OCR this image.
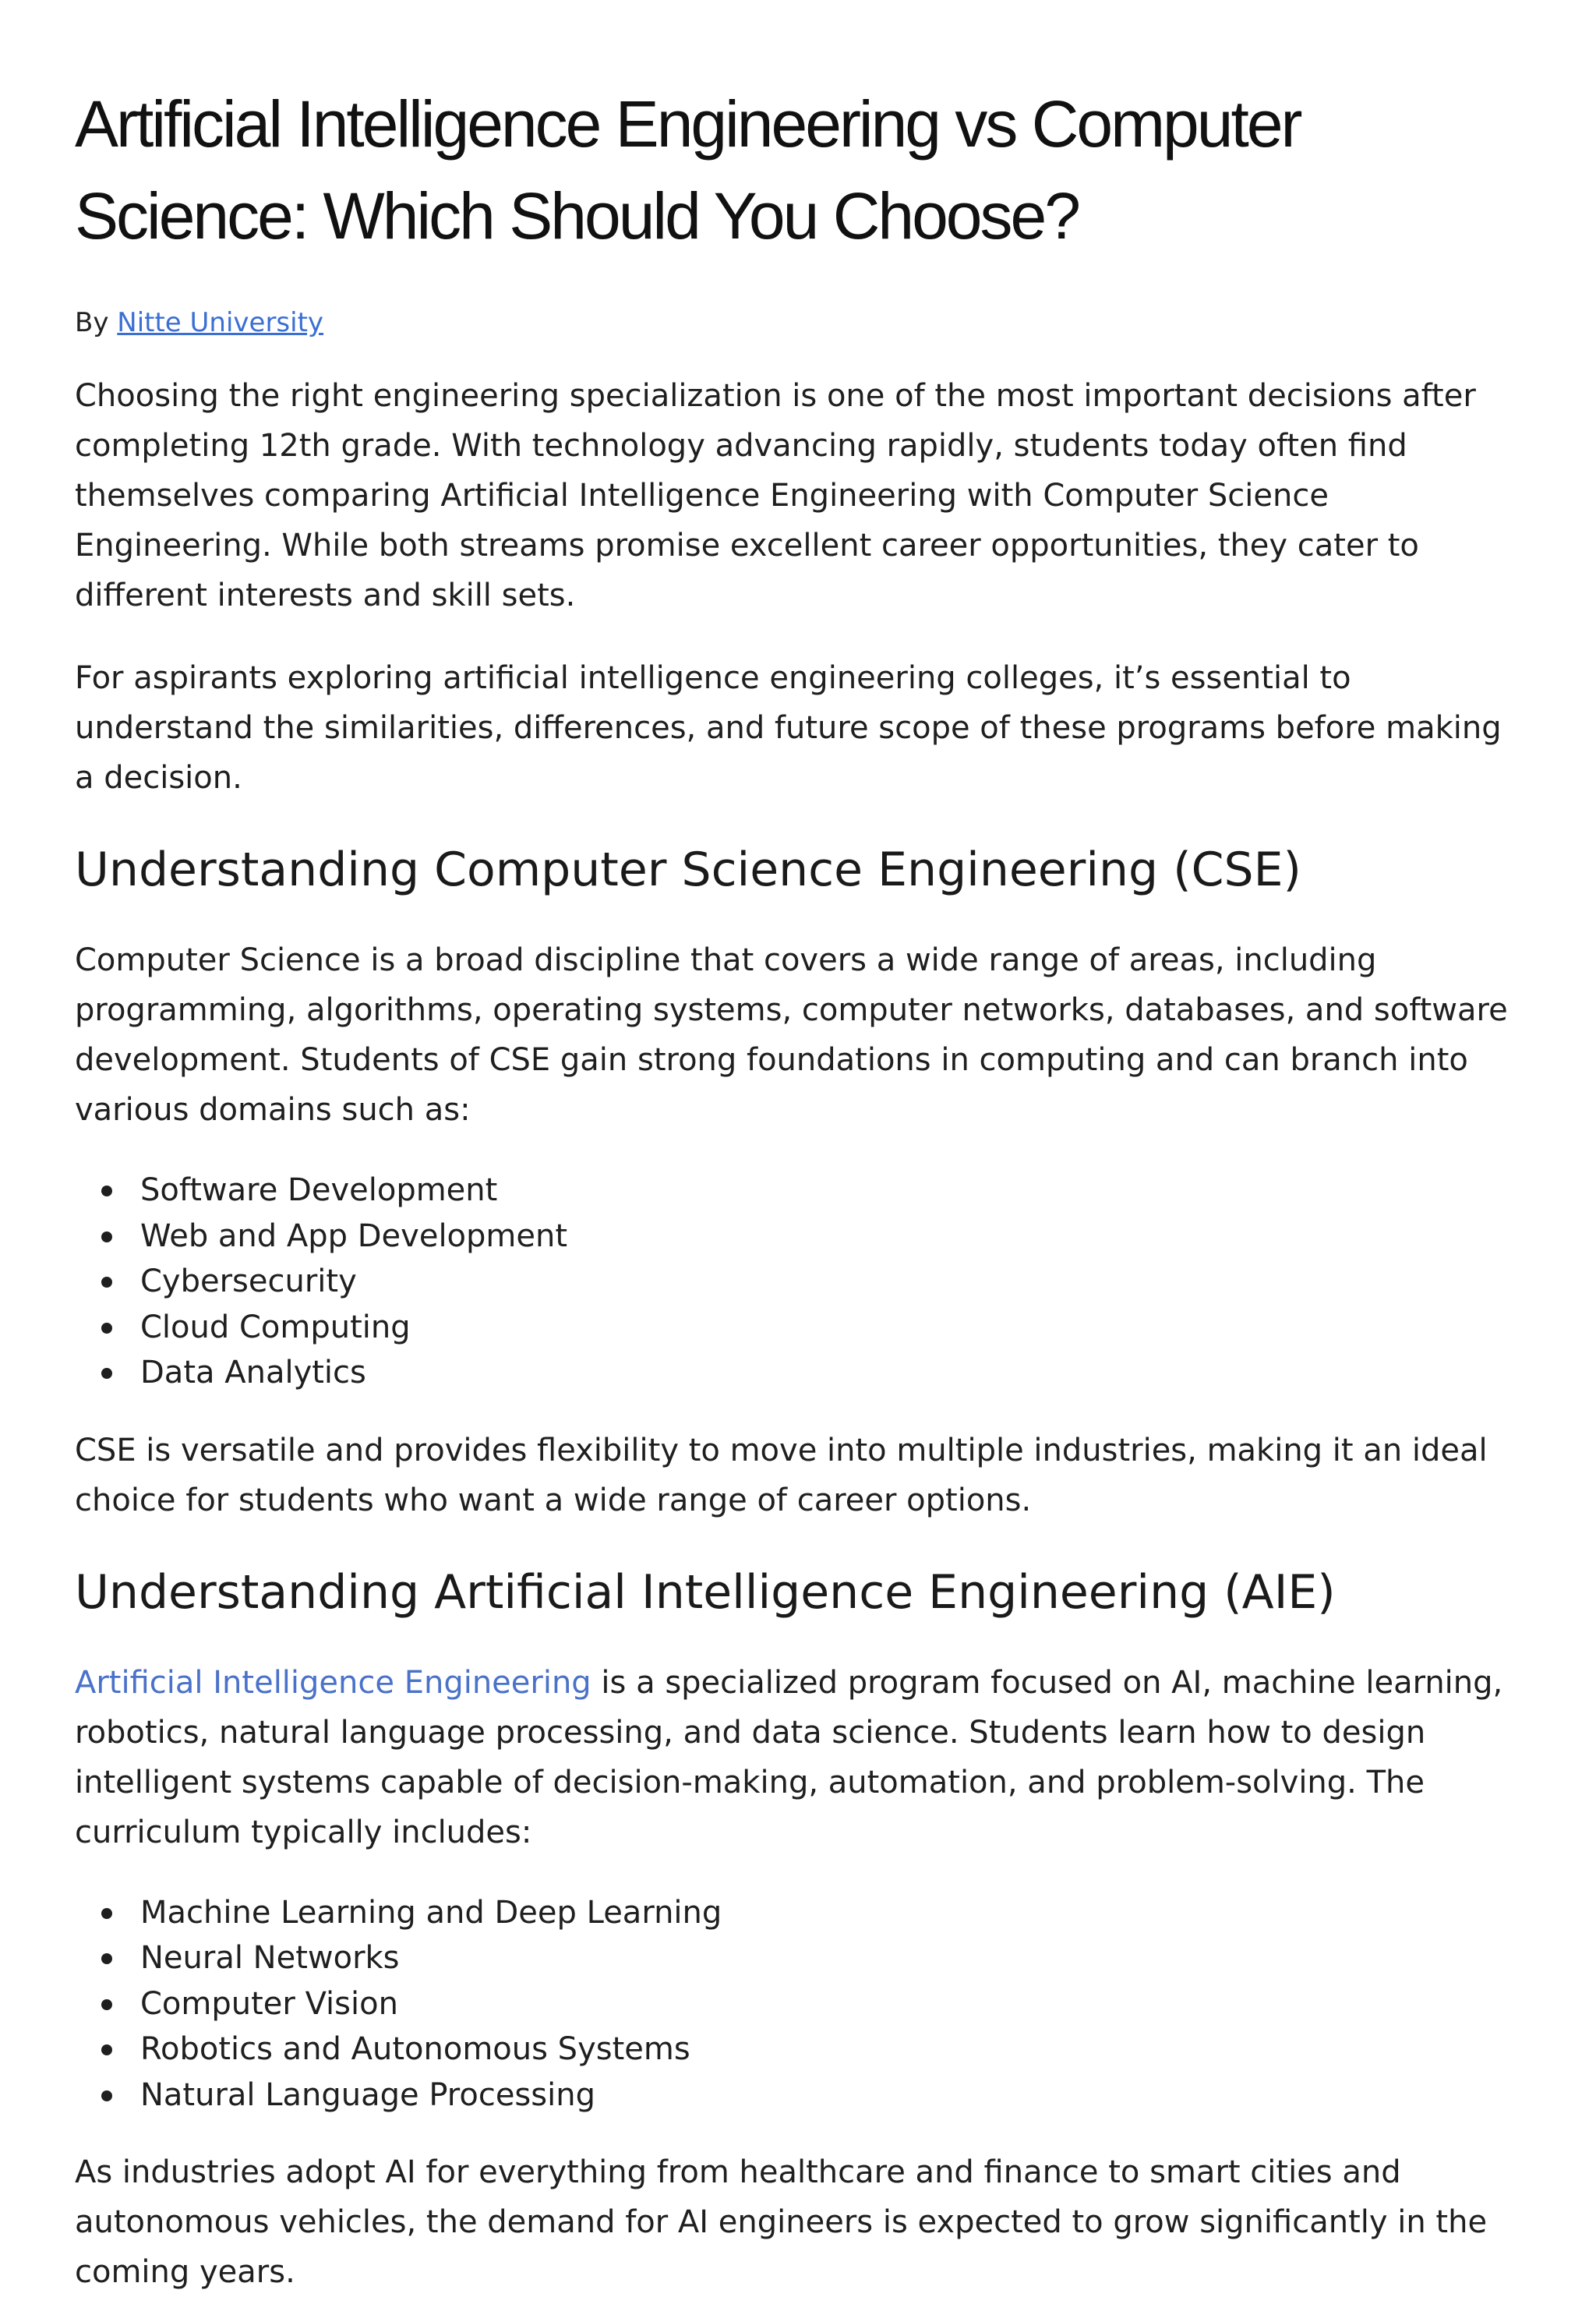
Artificial Intelligence Engineering vs Computer Science: Which Should You Choose?
By Nitte University

Choosing the right engineering specialization is one of the most important decisions after completing 12th grade. With technology advancing rapidly, students today often find themselves comparing Artificial Intelligence Engineering with Computer Science Engineering. While both streams promise excellent career opportunities, they cater to different interests and skill sets.

For aspirants exploring artificial intelligence engineering colleges, it’s essential to understand the similarities, differences, and future scope of these programs before making a decision.

Understanding Computer Science Engineering (CSE)

Computer Science is a broad discipline that covers a wide range of areas, including programming, algorithms, operating systems, computer networks, databases, and software development. Students of CSE gain strong foundations in computing and can branch into various domains such as:

Software Development
Web and App Development
Cybersecurity
Cloud Computing
Data Analytics

CSE is versatile and provides flexibility to move into multiple industries, making it an ideal choice for students who want a wide range of career options.

Understanding Artificial Intelligence Engineering (AIE)

Artificial Intelligence Engineering is a specialized program focused on AI, machine learning, robotics, natural language processing, and data science. Students learn how to design intelligent systems capable of decision-making, automation, and problem-solving. The curriculum typically includes:

Machine Learning and Deep Learning
Neural Networks
Computer Vision
Robotics and Autonomous Systems
Natural Language Processing

As industries adopt AI for everything from healthcare and finance to smart cities and autonomous vehicles, the demand for AI engineers is expected to grow significantly in the coming years.
